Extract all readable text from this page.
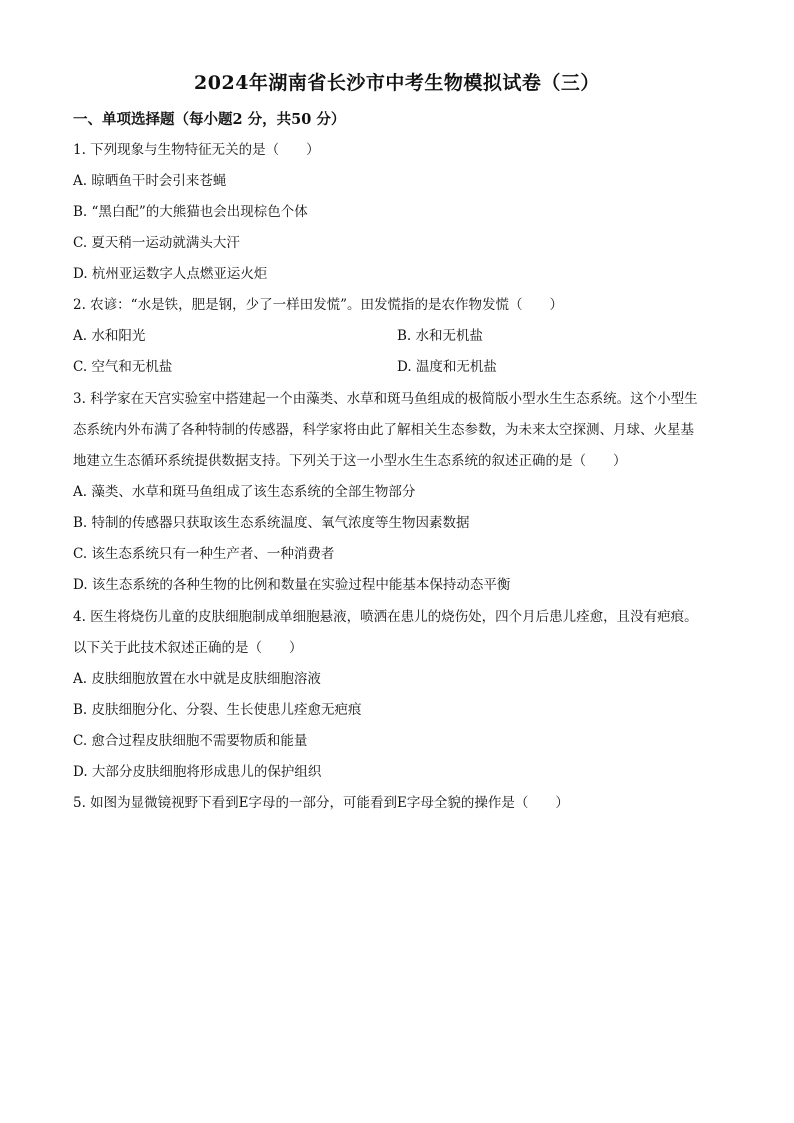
2024年湖南省长沙市中考生物模拟试卷（三）
一、单项选择题（每小题2 分，共50 分）
1. 下列现象与生物特征无关的是（　　）
A. 晾晒鱼干时会引来苍蝇
B. “黑白配”的大熊猫也会出现棕色个体
C. 夏天稍一运动就满头大汗
D. 杭州亚运数字人点燃亚运火炬
2. 农谚：“水是铁，肥是钢，少了一样田发慌”。田发慌指的是农作物发慌（　　）
A. 水和阳光	B. 水和无机盐
C. 空气和无机盐	D. 温度和无机盐
3. 科学家在天宫实验室中搭建起一个由藻类、水草和斑马鱼组成的极简版小型水生生态系统。这个小型生
态系统内外布满了各种特制的传感器，科学家将由此了解相关生态参数，为未来太空探测、月球、火星基
地建立生态循环系统提供数据支持。下列关于这一小型水生生态系统的叙述正确的是（　　）
A. 藻类、水草和斑马鱼组成了该生态系统的全部生物部分
B. 特制的传感器只获取该生态系统温度、氧气浓度等生物因素数据
C. 该生态系统只有一种生产者、一种消费者
D. 该生态系统的各种生物的比例和数量在实验过程中能基本保持动态平衡
4. 医生将烧伤儿童的皮肤细胞制成单细胞悬液，喷洒在患儿的烧伤处，四个月后患儿痊愈，且没有疤痕。
以下关于此技术叙述正确的是（　　）
A. 皮肤细胞放置在水中就是皮肤细胞溶液
B. 皮肤细胞分化、分裂、生长使患儿痊愈无疤痕
C. 愈合过程皮肤细胞不需要物质和能量
D. 大部分皮肤细胞将形成患儿的保护组织
5. 如图为显微镜视野下看到E字母的一部分，可能看到E字母全貌的操作是（　　）
